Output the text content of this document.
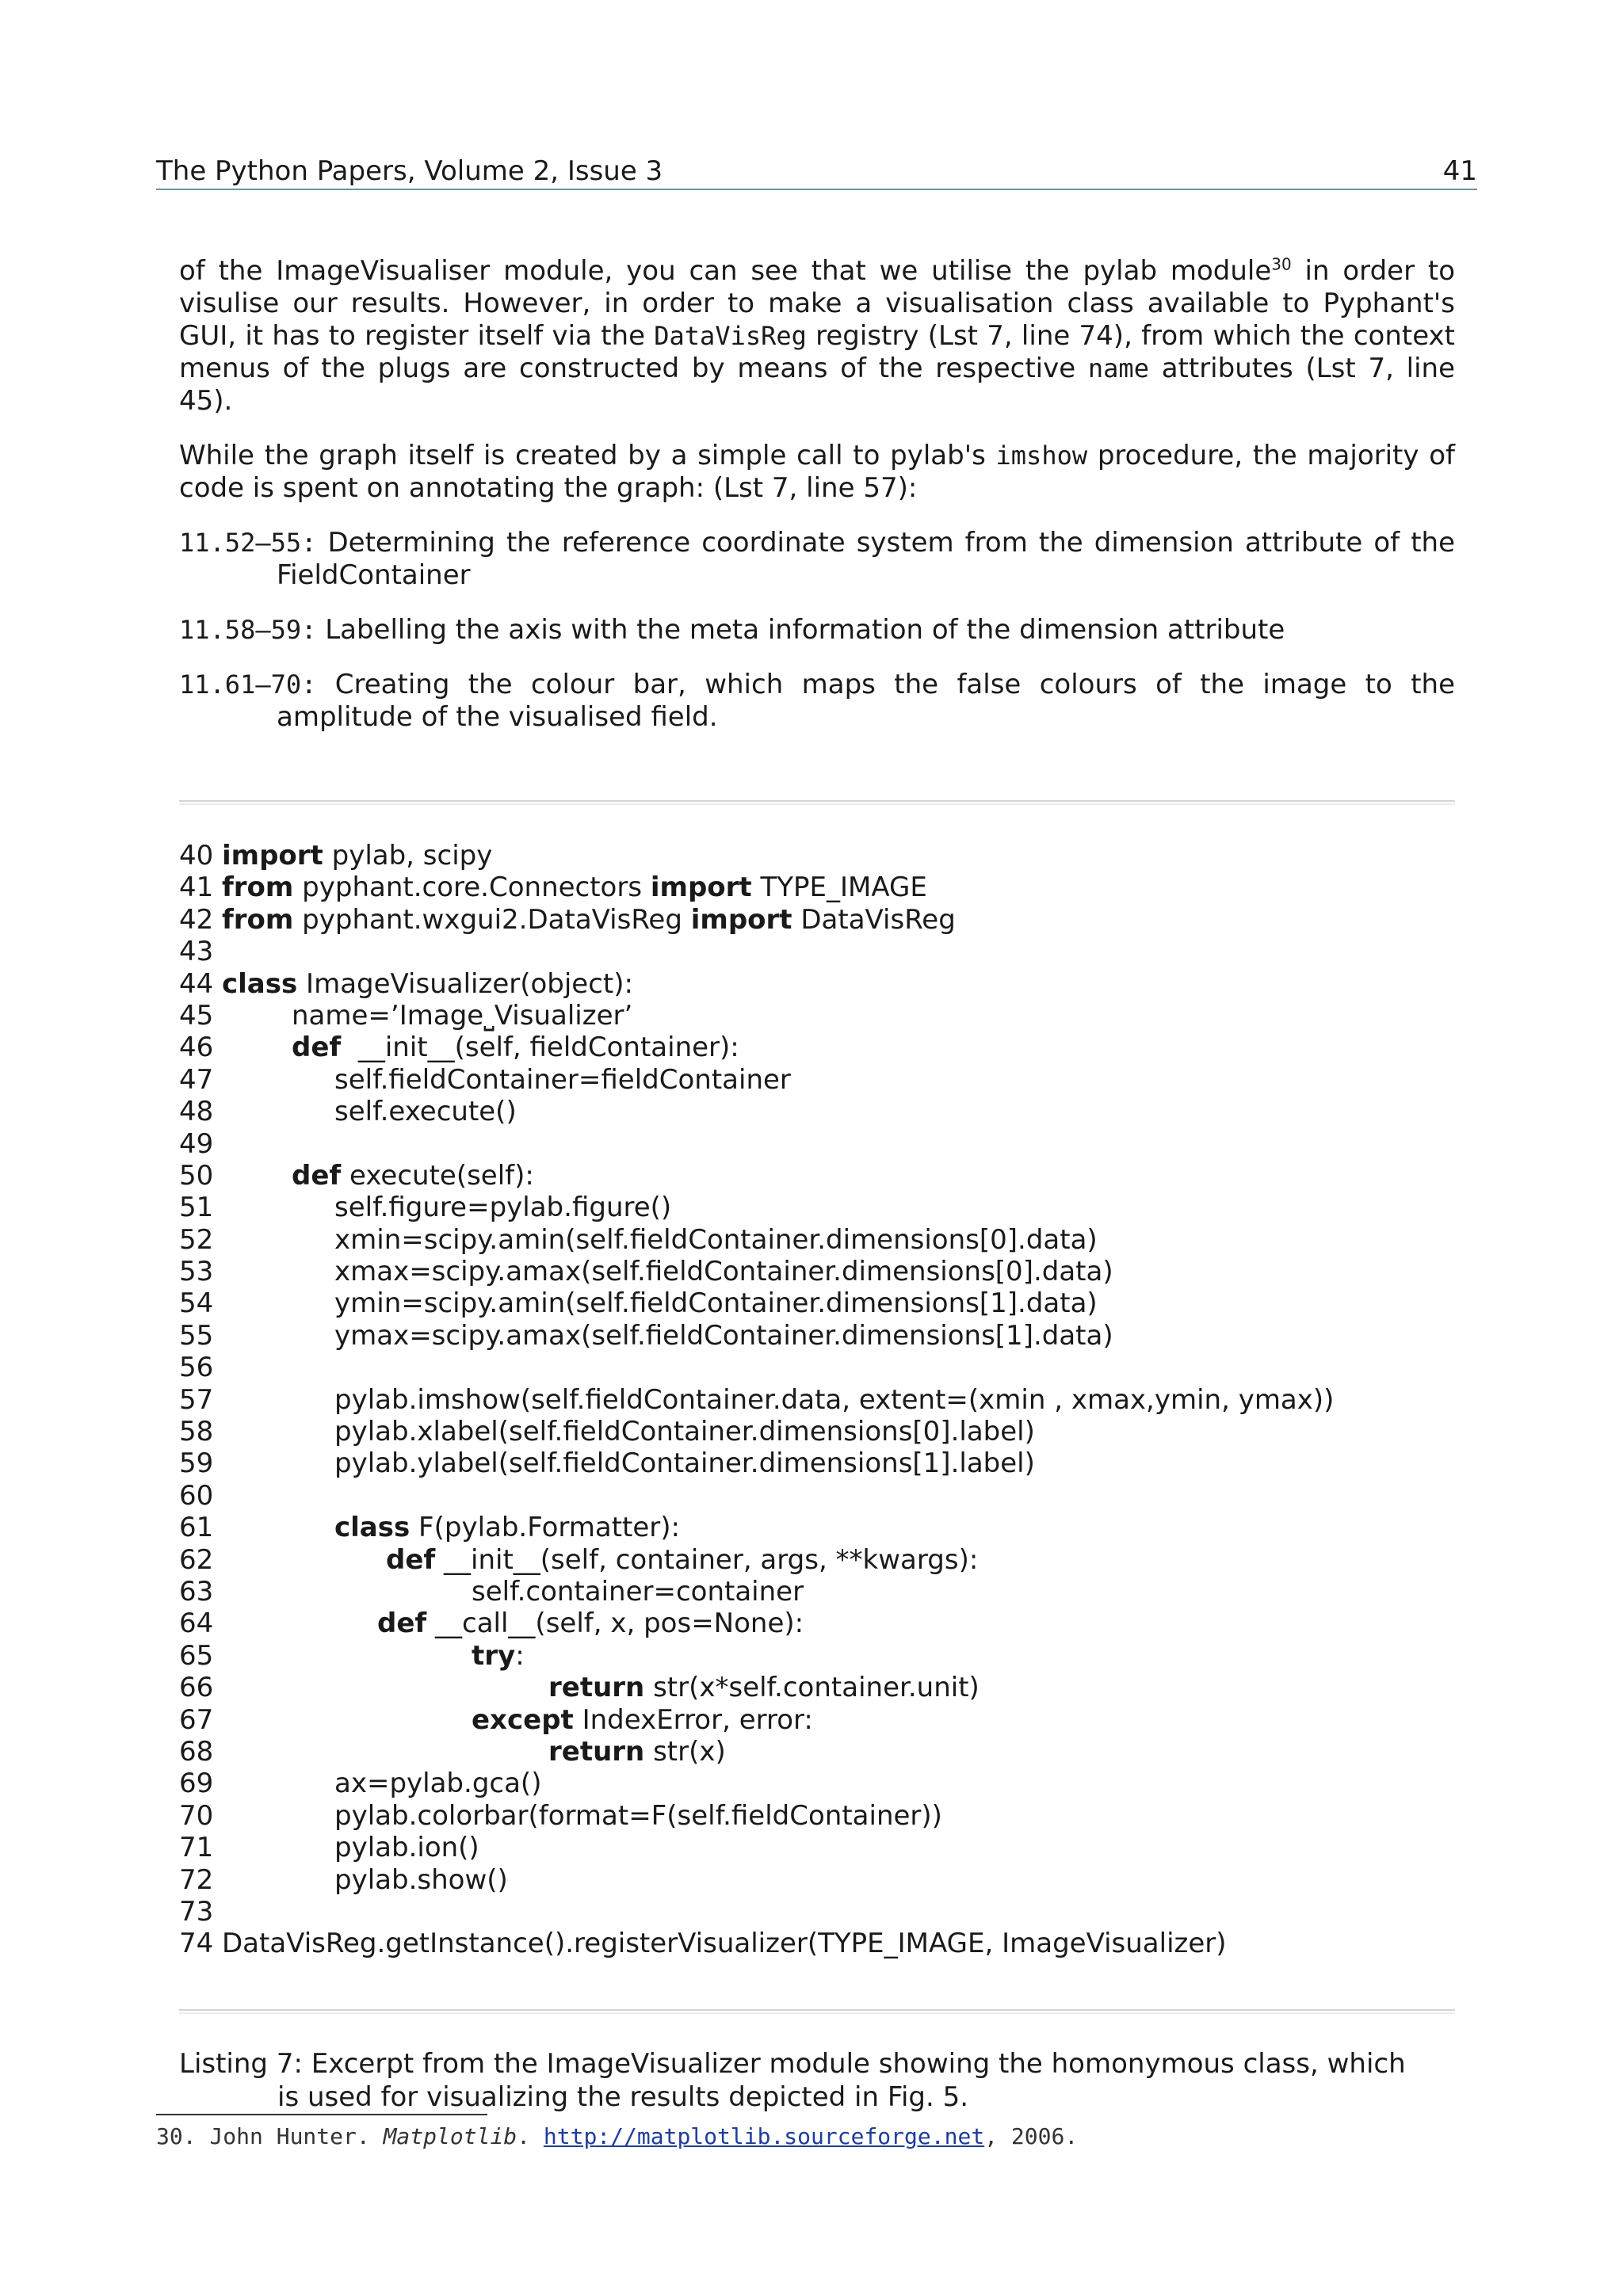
The Python Papers, Volume 2, Issue 3	41

of the ImageVisualiser module, you can see that we utilise the pylab module$^{30}$ in order to visulise our results. However, in order to make a visualisation class available to Pyphant's GUI, it has to register itself via the DataVisReg registry (Lst 7, line 74), from which the context menus of the plugs are constructed by means of the respective name attributes (Lst 7, line 45).

While the graph itself is created by a simple call to pylab's imshow procedure, the majority of code is spent on annotating the graph: (Lst 7, line 57):

11.52–55: Determining the reference coordinate system from the dimension attribute of the FieldContainer

11.58–59: Labelling the axis with the meta information of the dimension attribute

11.61–70: Creating the colour bar, which maps the false colours of the image to the amplitude of the visualised field.

40 import pylab, scipy
41 from pyphant.core.Connectors import TYPE_IMAGE
42 from pyphant.wxgui2.DataVisReg import DataVisReg
43
44 class ImageVisualizer(object):
45	name=’Image⎵Visualizer’
46	def  __init__(self, fieldContainer):
47	self.fieldContainer=fieldContainer
48	self.execute()
49
50	def execute(self):
51	self.figure=pylab.figure()
52	xmin=scipy.amin(self.fieldContainer.dimensions[0].data)
53	xmax=scipy.amax(self.fieldContainer.dimensions[0].data)
54	ymin=scipy.amin(self.fieldContainer.dimensions[1].data)
55	ymax=scipy.amax(self.fieldContainer.dimensions[1].data)
56
57	pylab.imshow(self.fieldContainer.data, extent=(xmin , xmax,ymin, ymax))
58	pylab.xlabel(self.fieldContainer.dimensions[0].label)
59	pylab.ylabel(self.fieldContainer.dimensions[1].label)
60
61	class F(pylab.Formatter):
62	def __init__(self, container, args, **kwargs):
63	self.container=container
64	def __call__(self, x, pos=None):
65	try:
66	return str(x*self.container.unit)
67	except IndexError, error:
68	return str(x)
69	ax=pylab.gca()
70	pylab.colorbar(format=F(self.fieldContainer))
71	pylab.ion()
72	pylab.show()
73
74 DataVisReg.getInstance().registerVisualizer(TYPE_IMAGE, ImageVisualizer)
Listing 7: Excerpt from the ImageVisualizer module showing the homonymous class, which
is used for visualizing the results depicted in Fig. 5.
30. John Hunter. Matplotlib. http://matplotlib.sourceforge.net, 2006.
